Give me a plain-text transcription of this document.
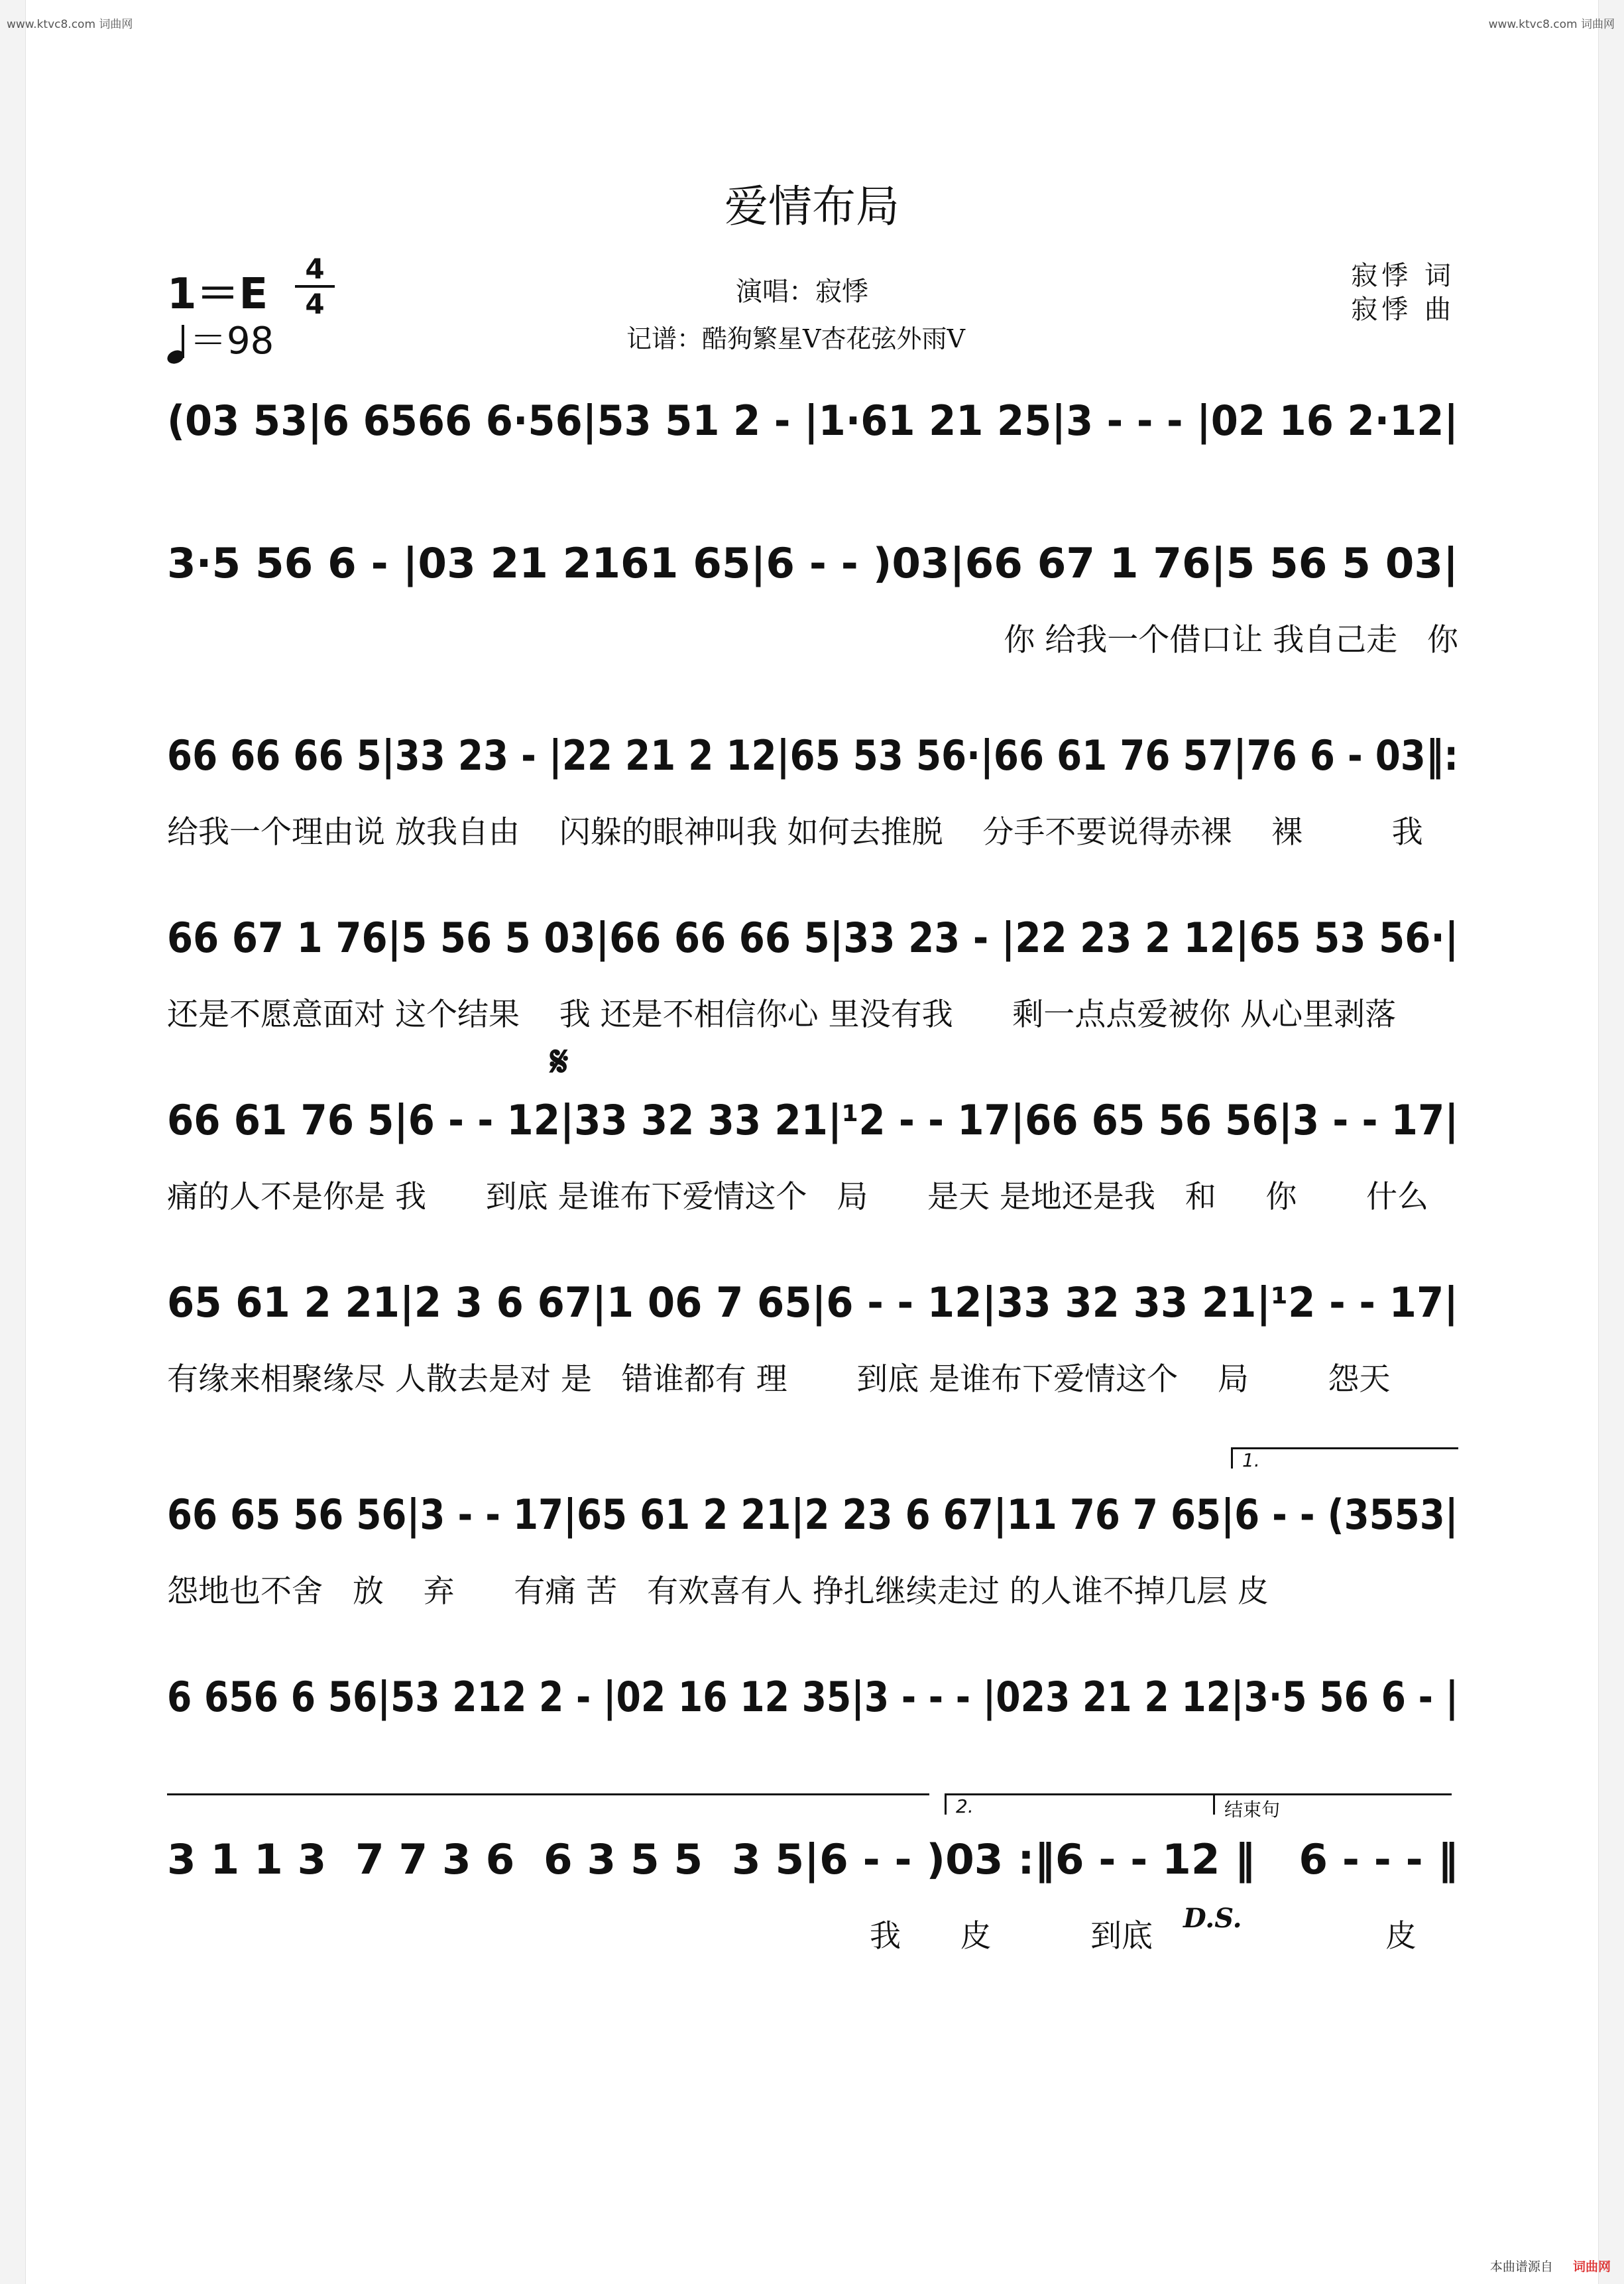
www.ktvc8.com 词曲网	www.ktvc8.com 词曲网
本曲谱源自 词曲网
爱情布局
1＝E
4
4
＝98
演唱：寂悸
记谱：酷狗繁星V杏花弦外雨V
寂悸 词
寂悸 曲
(03 53|6 6566 6·56|53 51 2 - |1·61 21 25|3 - - - |02 16 2·12|
3·5 56 6 - |03 21 2161 65|6 - - )03|66 67 1 76|5 56 5 03|
你 给我一个借口让 我自己走   你
66 66 66 5|33 23 - |22 21 2 12|65 53 56·|66 61 76 57|76 6 - 03‖:
给我一个理由说 放我自由    闪躲的眼神叫我 如何去推脱    分手不要说得赤裸    裸         我
66 67 1 76|5 56 5 03|66 66 66 5|33 23 - |22 23 2 12|65 53 56·|
还是不愿意面对 这个结果    我 还是不相信你心 里没有我      剩一点点爱被你 从心里剥落
𝄋
66 61 76 5|6 - - 12|33 32 33 21|¹2 - - 17|66 65 56 56|3 - - 17|
痛的人不是你是 我      到底 是谁布下爱情这个   局      是天 是地还是我   和     你       什么
65 61 2 21|2 3 6 67|1 06 7 65|6 - - 12|33 32 33 21|¹2 - - 17|
有缘来相聚缘尽 人散去是对 是   错谁都有 理       到底 是谁布下爱情这个    局        怨天
1.
66 65 56 56|3 - - 17|65 61 2 21|2 23 6 67|11 76 7 65|6 - - (3553|
怨地也不舍   放    弃      有痛 苦   有欢喜有人 挣扎继续走过 的人谁不掉几层 皮
6 656 6 56|53 212 2 - |02 16 12 35|3 - - - |023 21 2 12|3·5 56 6 - |
2.	结束句
3 1 1 3  7 7 3 6  6 3 5 5  3 5|6 - - )03 :‖6 - - 12 ‖   6 - - - ‖
我      皮          到底	皮
D.S.
